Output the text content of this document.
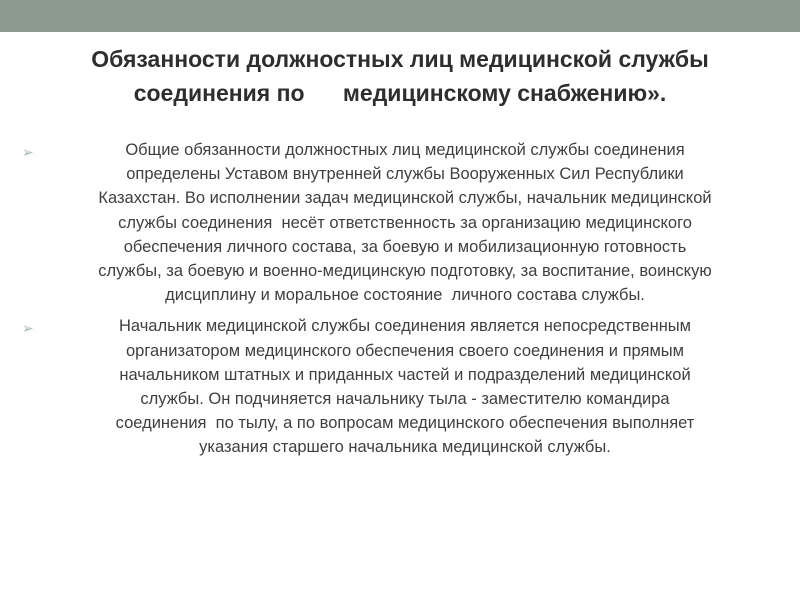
Обязанности должностных лиц медицинской службы
соединения по      медицинскому снабжению».
➢	Общие обязанности должностных лиц медицинской службы соединения
определены Уставом внутренней службы Вооруженных Сил Республики
Казахстан. Во исполнении задач медицинской службы, начальник медицинской
службы соединения  несёт ответственность за организацию медицинского
обеспечения личного состава, за боевую и мобилизационную готовность
службы, за боевую и военно-медицинскую подготовку, за воспитание, воинскую
дисциплину и моральное состояние  личного состава службы.
➢	Начальник медицинской службы соединения является непосредственным
организатором медицинского обеспечения своего соединения и прямым
начальником штатных и приданных частей и подразделений медицинской
службы. Он подчиняется начальнику тыла - заместителю командира
соединения  по тылу, а по вопросам медицинского обеспечения выполняет
указания старшего начальника медицинской службы.
